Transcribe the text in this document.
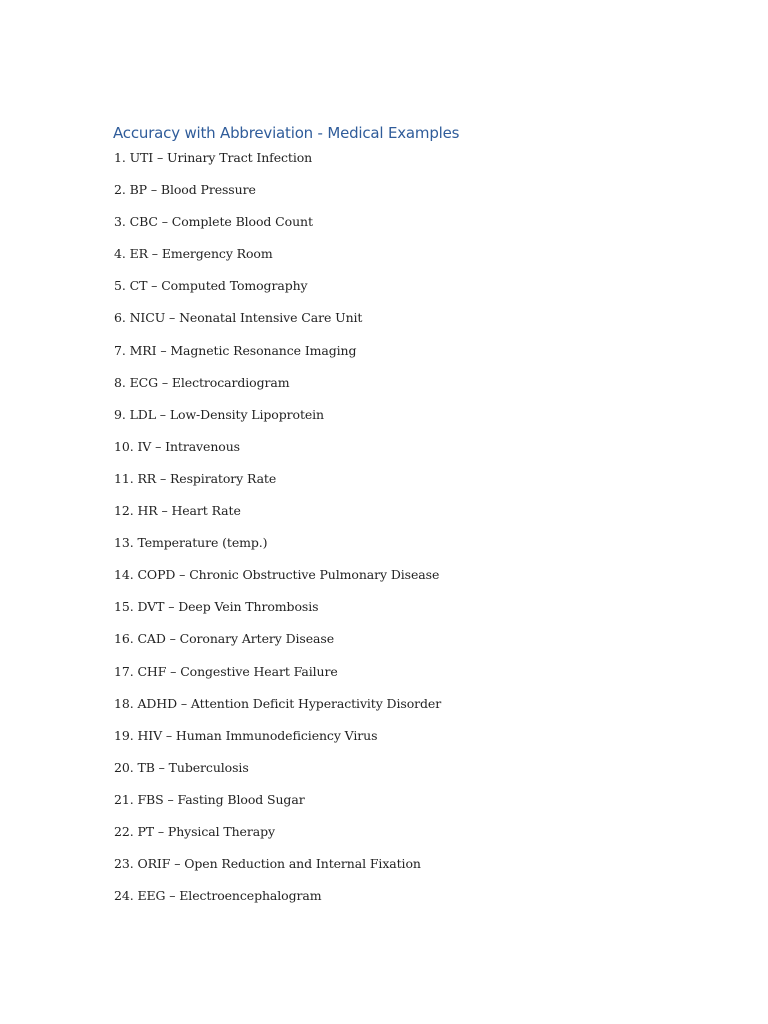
Accuracy with Abbreviation - Medical Examples
1. UTI – Urinary Tract Infection
2. BP – Blood Pressure
3. CBC – Complete Blood Count
4. ER – Emergency Room
5. CT – Computed Tomography
6. NICU – Neonatal Intensive Care Unit
7. MRI – Magnetic Resonance Imaging
8. ECG – Electrocardiogram
9. LDL – Low-Density Lipoprotein
10. IV – Intravenous
11. RR – Respiratory Rate
12. HR – Heart Rate
13. Temperature (temp.)
14. COPD – Chronic Obstructive Pulmonary Disease
15. DVT – Deep Vein Thrombosis
16. CAD – Coronary Artery Disease
17. CHF – Congestive Heart Failure
18. ADHD – Attention Deficit Hyperactivity Disorder
19. HIV – Human Immunodeficiency Virus
20. TB – Tuberculosis
21. FBS – Fasting Blood Sugar
22. PT – Physical Therapy
23. ORIF – Open Reduction and Internal Fixation
24. EEG – Electroencephalogram
